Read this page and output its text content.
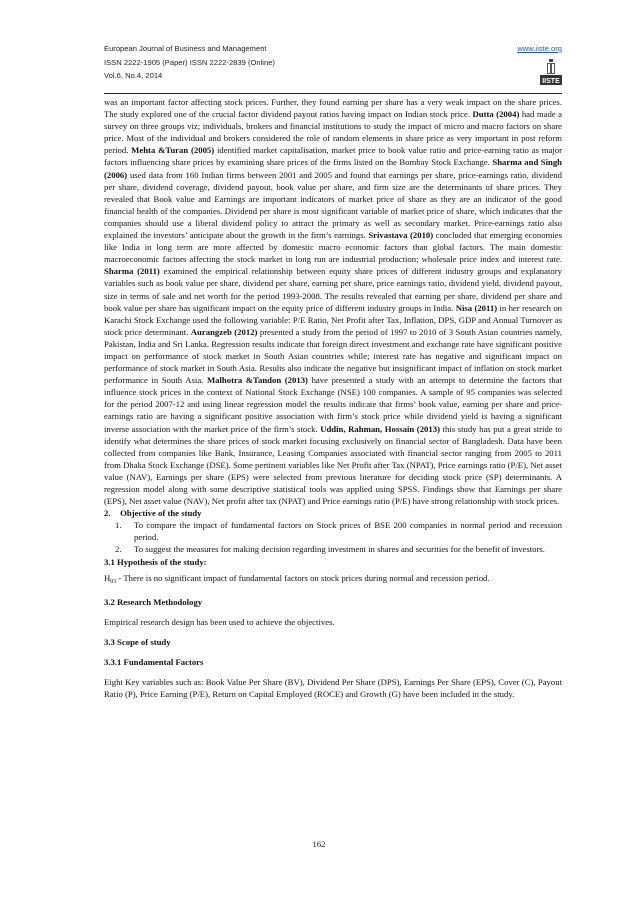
European Journal of Business and Management
ISSN 2222-1905 (Paper) ISSN 2222-2839 (Online)
Vol.6, No.4, 2014
www.iiste.org
IISTE

was an important factor affecting stock prices. Further, they found earning per share has a very weak impact on the share prices. The study explored one of the crucial factor dividend payout ratios having impact on Indian stock price. Dutta (2004) had made a survey on three groups viz; individuals, brokers and financial institutions to study the impact of micro and macro factors on share price. Most of the individual and brokers considered the role of random elements in share price as very important in post reform period. Mehta &Turan (2005) identified market capitalisation, market price to book value ratio and price-earning ratio as major factors influencing share prices by examining share prices of the firms listed on the Bombay Stock Exchange. Sharma and Singh (2006) used data from 160 Indian firms between 2001 and 2005 and found that earnings per share, price-earnings ratio, dividend per share, dividend coverage, dividend payout, book value per share, and firm size are the determinants of share prices. They revealed that Book value and Earnings are important indicators of market price of share as they are an indicator of the good financial health of the companies. Dividend per share is most significant variable of market price of share, which indicates that the companies should use a liberal dividend policy to attract the primary as well as secondary market. Price-earnings ratio also explained the investors’ anticipate about the growth in the firm’s earnings. Srivastava (2010) concluded that emerging economies like India in long term are more affected by domestic macro economic factors than global factors. The main domestic macroeconomic factors affecting the stock market in long run are industrial production; wholesale price index and interest rate. Sharma (2011) examined the empirical relationship between equity share prices of different industry groups and explanatory variables such as book value per share, dividend per share, earning per share, price earnings ratio, dividend yield, dividend payout, size in terms of sale and net worth for the period 1993-2008. The results revealed that earning per share, dividend per share and book value per share has significant impact on the equity price of different industry groups in India. Nisa (2011) in her research on Karachi Stock Exchange used the following variable: P/E Ratio, Net Profit after Tax, Inflation, DPS, GDP and Annual Turnover as stock price determinant. Aurangzeb (2012) presented a study from the period of 1997 to 2010 of 3 South Asian countries namely, Pakistan, India and Sri Lanka. Regression results indicate that foreign direct investment and exchange rate have significant positive impact on performance of stock market in South Asian countries while; interest rate has negative and significant impact on performance of stock market in South Asia. Results also indicate the negative but insignificant impact of inflation on stock market performance in South Asia. Malhotra &Tandon (2013) have presented a study with an attempt to determine the factors that influence stock prices in the context of National Stock Exchange (NSE) 100 companies. A sample of 95 companies was selected for the period 2007-12 and using linear regression model the results indicate that firms’ book value, earning per share and price-earnings ratio are having a significant positive association with firm’s stock price while dividend yield is having a significant inverse association with the market price of the firm’s stock. Uddin, Rahman, Hossain (2013) this study has put a great stride to identify what determines the share prices of stock market focusing exclusively on financial sector of Bangladesh. Data have been collected from companies like Bank, Insurance, Leasing Companies associated with financial sector ranging from 2005 to 2011 from Dhaka Stock Exchange (DSE). Some pertinent variables like Net Profit after Tax (NPAT), Price earnings ratio (P/E), Net asset value (NAV), Earnings per share (EPS) were selected from previous literature for deciding stock price (SP) determinants. A regression model along with some descriptive statistical tools was applied using SPSS. Findings show that Earnings per share (EPS), Net asset value (NAV), Net profit after tax (NPAT) and Price earnings ratio (P/E) have strong relationship with stock prices.

2. Objective of the study

1. To compare the impact of fundamental factors on Stock prices of BSE 200 companies in normal period and recession period.
2. To suggest the measures for making decision regarding investment in shares and securities for the benefit of investors.

3.1 Hypothesis of the study:

$H_{03}$ - There is no significant impact of fundamental factors on stock prices during normal and recession period.

3.2 Research Methodology

Empirical research design has been used to achieve the objectives.

3.3 Scope of study

3.3.1 Fundamental Factors

Eight Key variables such as: Book Value Per Share (BV), Dividend Per Share (DPS), Earnings Per Share (EPS), Cover (C), Payout Ratio (P), Price Earning (P/E), Return on Capital Employed (ROCE) and Growth (G) have been included in the study.

162
